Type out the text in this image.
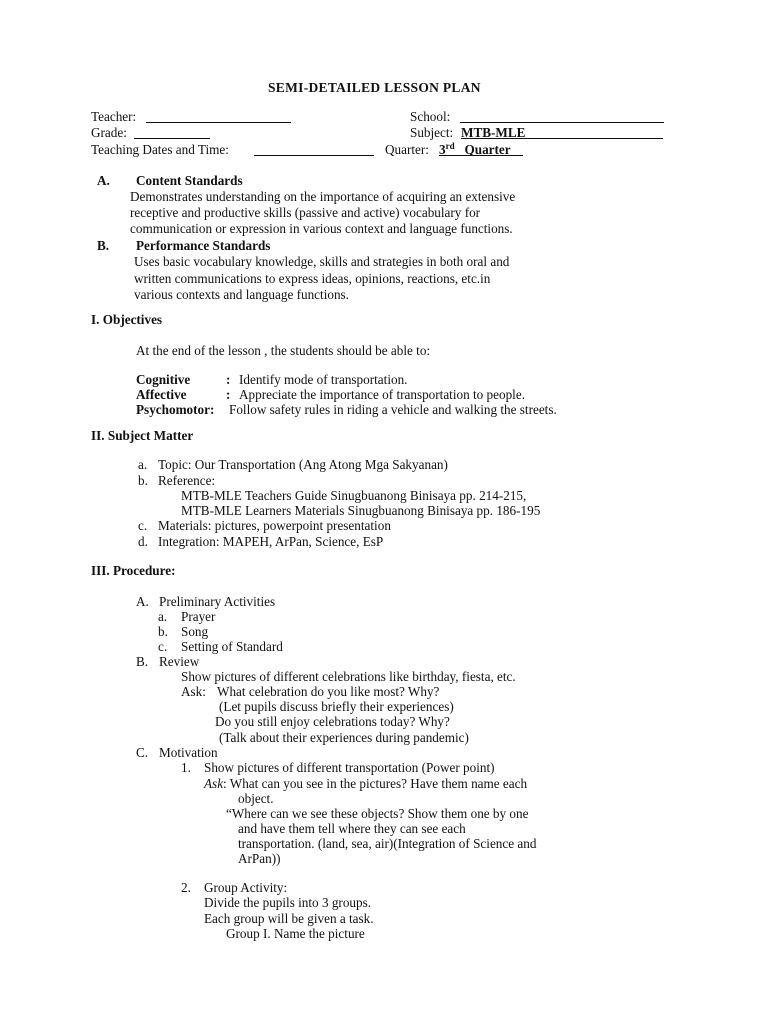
SEMI-DETAILED LESSON PLAN
Teacher:
Grade:
Teaching Dates and Time:
School:
Subject: MTB-MLE
Quarter: 3rd Quarter
A. Content Standards
Demonstrates understanding on the importance of acquiring an extensive
receptive and productive skills (passive and active) vocabulary for
communication or expression in various context and language functions.
B. Performance Standards
Uses basic vocabulary knowledge, skills and strategies in both oral and
written communications to express ideas, opinions, reactions, etc.in
various contexts and language functions.
I. Objectives
At the end of the lesson , the students should be able to:
Cognitive	: Identify mode of transportation.
Affective	: Appreciate the importance of transportation to people.
Psychomotor: Follow safety rules in riding a vehicle and walking the streets.
II. Subject Matter
a. Topic: Our Transportation (Ang Atong Mga Sakyanan)
b. Reference:
MTB-MLE Teachers Guide Sinugbuanong Binisaya pp. 214-215,
MTB-MLE Learners Materials Sinugbuanong Binisaya pp. 186-195
c. Materials: pictures, powerpoint presentation
d. Integration: MAPEH, ArPan, Science, EsP
III. Procedure:
A. Preliminary Activities
a. Prayer
b. Song
c. Setting of Standard
B. Review
Show pictures of different celebrations like birthday, fiesta, etc.
Ask: What celebration do you like most? Why?
(Let pupils discuss briefly their experiences)
Do you still enjoy celebrations today? Why?
(Talk about their experiences during pandemic)
C. Motivation
1. Show pictures of different transportation (Power point)
Ask: What can you see in the pictures? Have them name each
object.
“Where can we see these objects? Show them one by one
and have them tell where they can see each
transportation. (land, sea, air)(Integration of Science and
ArPan))
2. Group Activity:
Divide the pupils into 3 groups.
Each group will be given a task.
Group I. Name the picture
